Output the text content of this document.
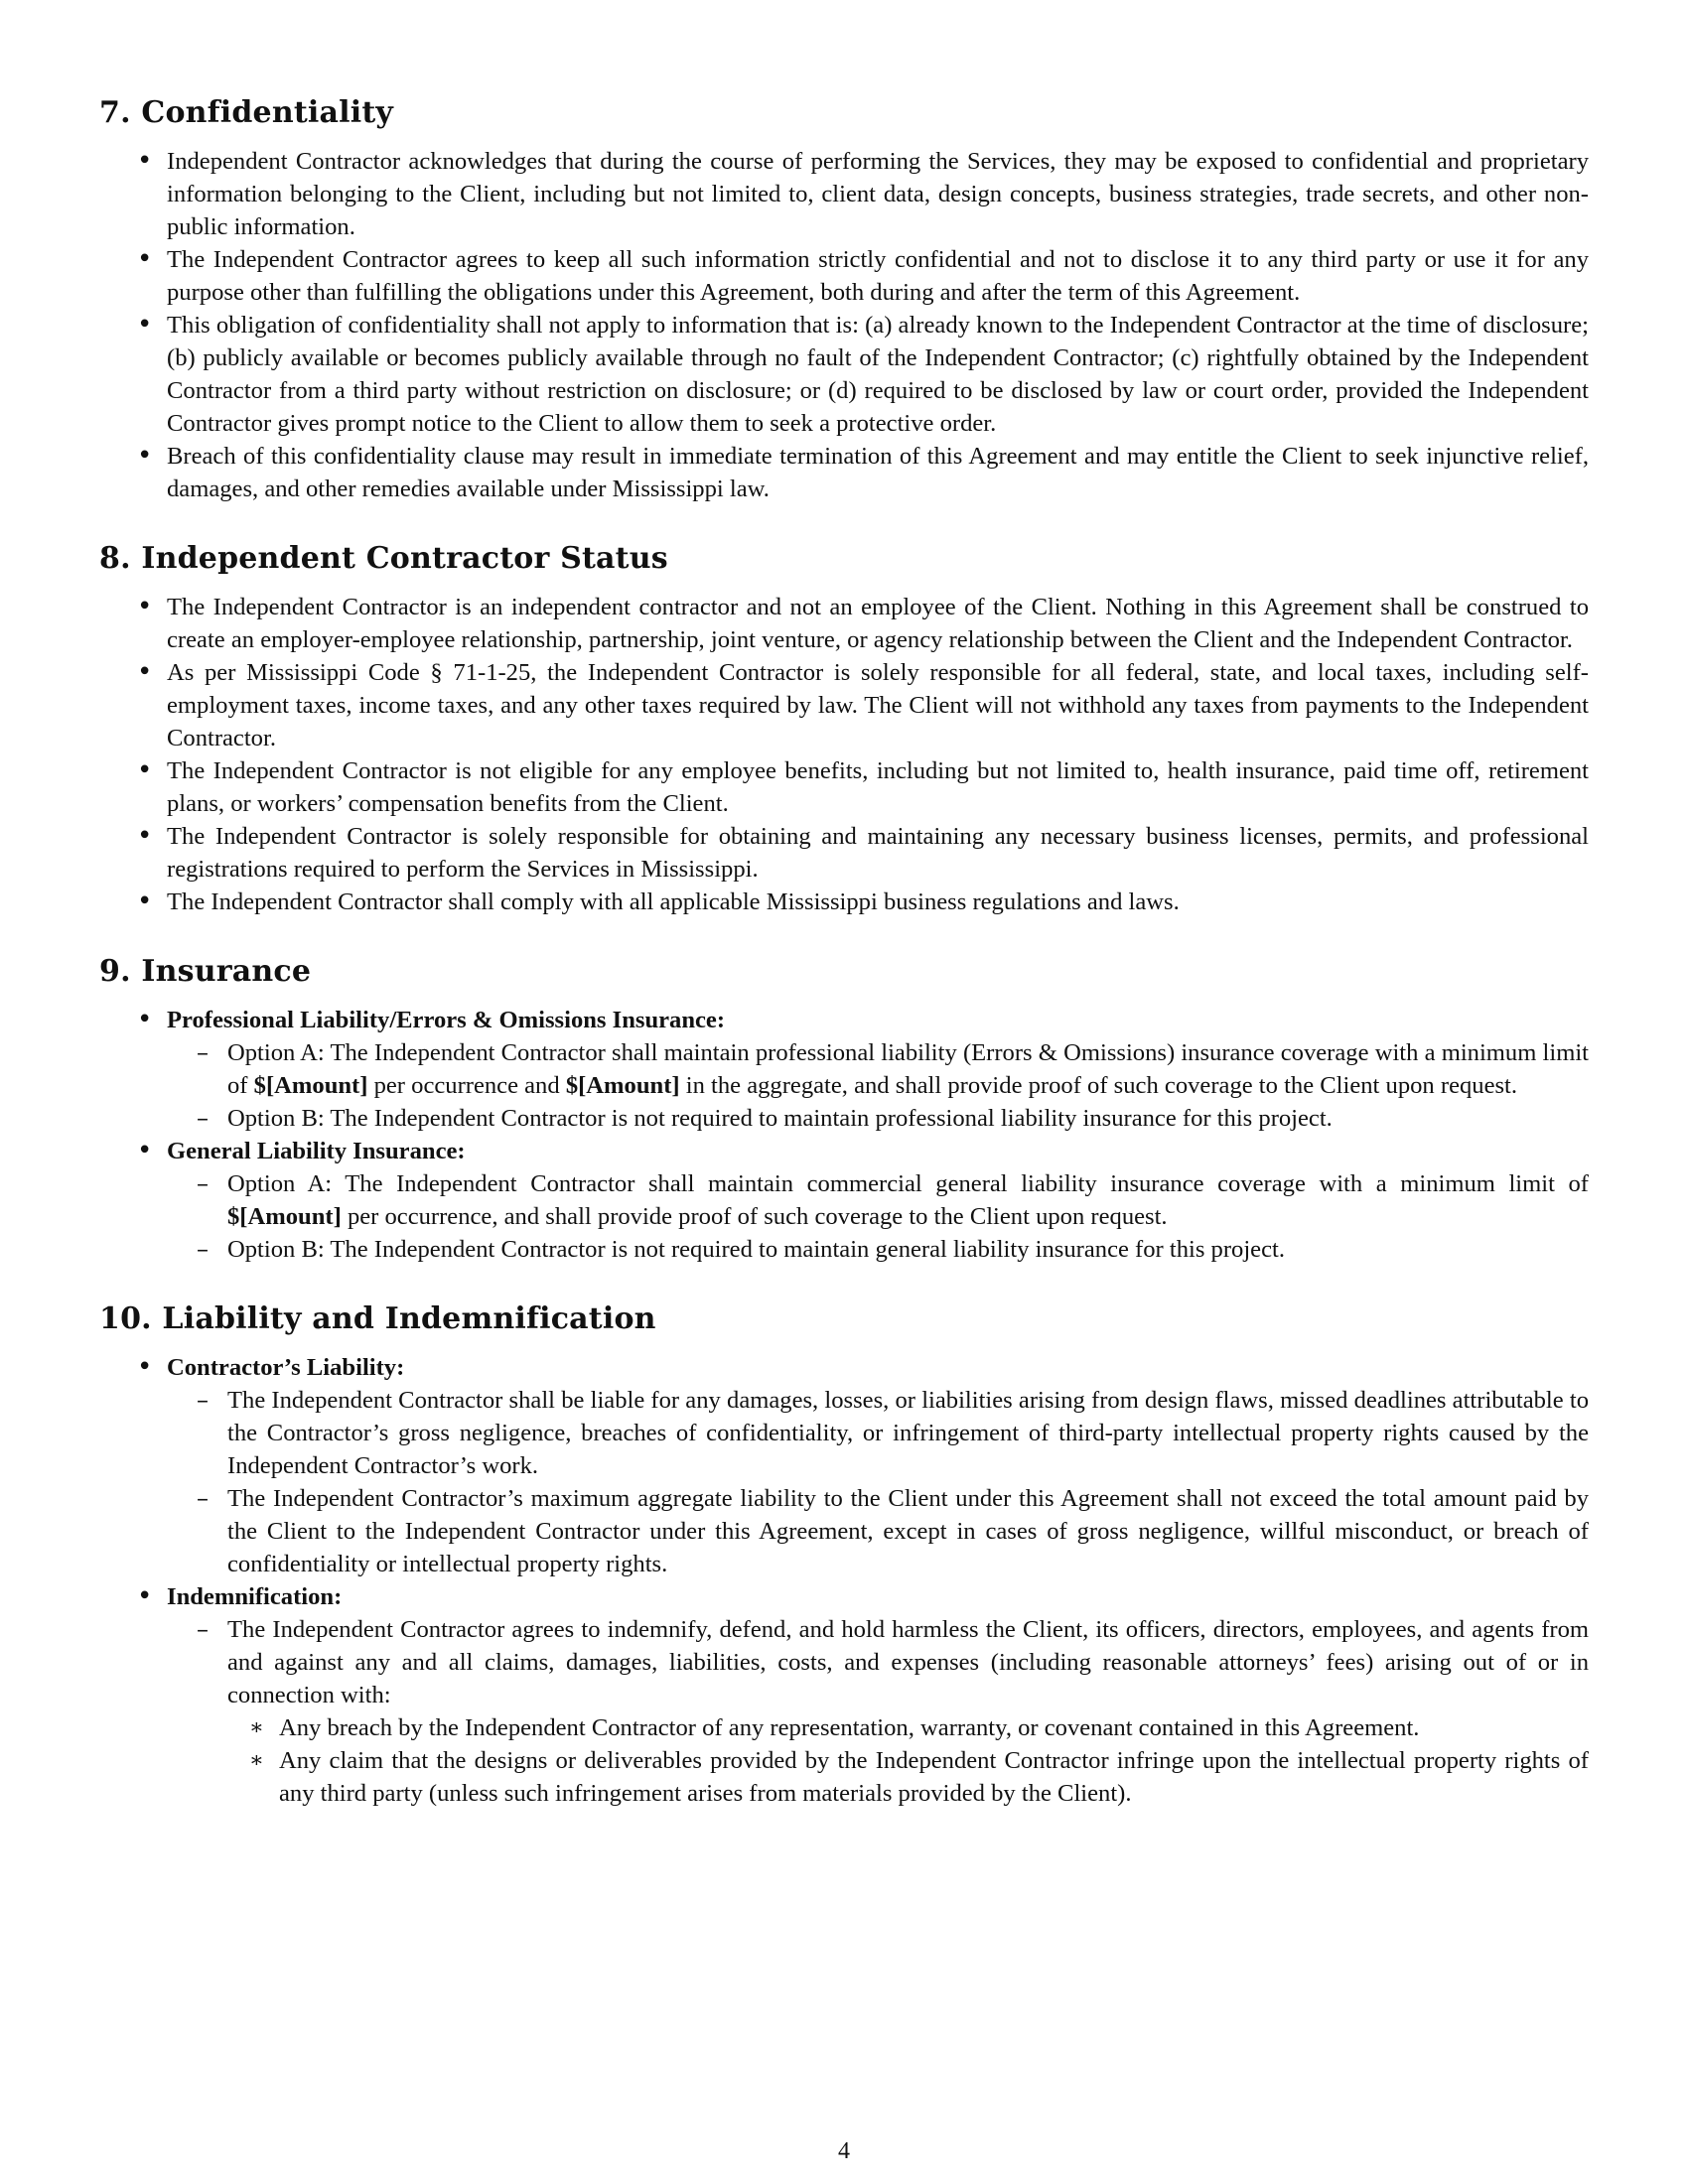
7. Confidentiality
• Independent Contractor acknowledges that during the course of performing the Services, they may be exposed to confidential and proprietary information belonging to the Client, including but not limited to, client data, design concepts, business strategies, trade secrets, and other non-public information.
• The Independent Contractor agrees to keep all such information strictly confidential and not to disclose it to any third party or use it for any purpose other than fulfilling the obligations under this Agreement, both during and after the term of this Agreement.
• This obligation of confidentiality shall not apply to information that is: (a) already known to the Independent Contractor at the time of disclosure; (b) publicly available or becomes publicly available through no fault of the Independent Contractor; (c) rightfully obtained by the Independent Contractor from a third party without restriction on disclosure; or (d) required to be disclosed by law or court order, provided the Independent Contractor gives prompt notice to the Client to allow them to seek a protective order.
• Breach of this confidentiality clause may result in immediate termination of this Agreement and may entitle the Client to seek injunctive relief, damages, and other remedies available under Mississippi law.
8. Independent Contractor Status
• The Independent Contractor is an independent contractor and not an employee of the Client. Nothing in this Agreement shall be construed to create an employer-employee relationship, partnership, joint venture, or agency relationship between the Client and the Independent Contractor.
• As per Mississippi Code § 71-1-25, the Independent Contractor is solely responsible for all federal, state, and local taxes, including self-employment taxes, income taxes, and any other taxes required by law. The Client will not withhold any taxes from payments to the Independent Contractor.
• The Independent Contractor is not eligible for any employee benefits, including but not limited to, health insurance, paid time off, retirement plans, or workers’ compensation benefits from the Client.
• The Independent Contractor is solely responsible for obtaining and maintaining any necessary business licenses, permits, and professional registrations required to perform the Services in Mississippi.
• The Independent Contractor shall comply with all applicable Mississippi business regulations and laws.
9. Insurance
• Professional Liability/Errors & Omissions Insurance:
– Option A: The Independent Contractor shall maintain professional liability (Errors & Omissions) insurance coverage with a minimum limit of $[Amount] per occurrence and $[Amount] in the aggregate, and shall provide proof of such coverage to the Client upon request.
– Option B: The Independent Contractor is not required to maintain professional liability insurance for this project.
• General Liability Insurance:
– Option A: The Independent Contractor shall maintain commercial general liability insurance coverage with a minimum limit of $[Amount] per occurrence, and shall provide proof of such coverage to the Client upon request.
– Option B: The Independent Contractor is not required to maintain general liability insurance for this project.
10. Liability and Indemnification
• Contractor’s Liability:
– The Independent Contractor shall be liable for any damages, losses, or liabilities arising from design flaws, missed deadlines attributable to the Contractor’s gross negligence, breaches of confidentiality, or infringement of third-party intellectual property rights caused by the Independent Contractor’s work.
– The Independent Contractor’s maximum aggregate liability to the Client under this Agreement shall not exceed the total amount paid by the Client to the Independent Contractor under this Agreement, except in cases of gross negligence, willful misconduct, or breach of confidentiality or intellectual property rights.
• Indemnification:
– The Independent Contractor agrees to indemnify, defend, and hold harmless the Client, its officers, directors, employees, and agents from and against any and all claims, damages, liabilities, costs, and expenses (including reasonable attorneys’ fees) arising out of or in connection with:
∗ Any breach by the Independent Contractor of any representation, warranty, or covenant contained in this Agreement.
∗ Any claim that the designs or deliverables provided by the Independent Contractor infringe upon the intellectual property rights of any third party (unless such infringement arises from materials provided by the Client).
4
